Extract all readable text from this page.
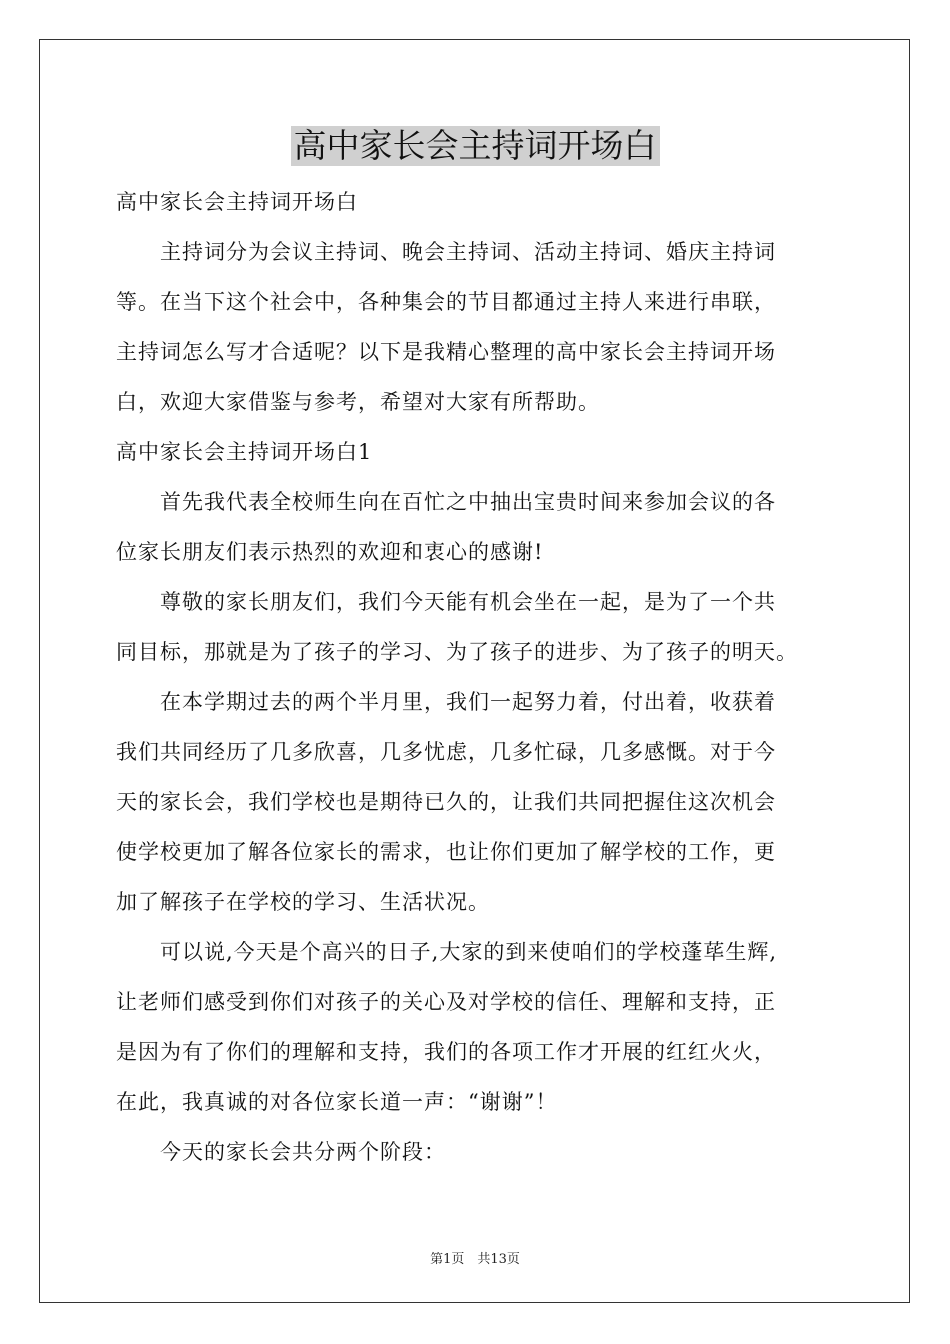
高中家长会主持词开场白
高中家长会主持词开场白
　　主持词分为会议主持词、晚会主持词、活动主持词、婚庆主持词
等。在当下这个社会中，各种集会的节目都通过主持人来进行串联，
主持词怎么写才合适呢？以下是我精心整理的高中家长会主持词开场
白，欢迎大家借鉴与参考，希望对大家有所帮助。
高中家长会主持词开场白1
　　首先我代表全校师生向在百忙之中抽出宝贵时间来参加会议的各
位家长朋友们表示热烈的欢迎和衷心的感谢!
　　尊敬的家长朋友们，我们今天能有机会坐在一起，是为了一个共
同目标，那就是为了孩子的学习、为了孩子的进步、为了孩子的明天。
　　在本学期过去的两个半月里，我们一起努力着，付出着，收获着
我们共同经历了几多欣喜，几多忧虑，几多忙碌，几多感慨。对于今
天的家长会，我们学校也是期待已久的，让我们共同把握住这次机会
使学校更加了解各位家长的需求，也让你们更加了解学校的工作，更
加了解孩子在学校的学习、生活状况。
　　可以说,今天是个高兴的日子,大家的到来使咱们的学校蓬荜生辉,
让老师们感受到你们对孩子的关心及对学校的信任、理解和支持，正
是因为有了你们的理解和支持，我们的各项工作才开展的红红火火，
在此，我真诚的对各位家长道一声：“谢谢”！
　　今天的家长会共分两个阶段：
第1页　共13页
